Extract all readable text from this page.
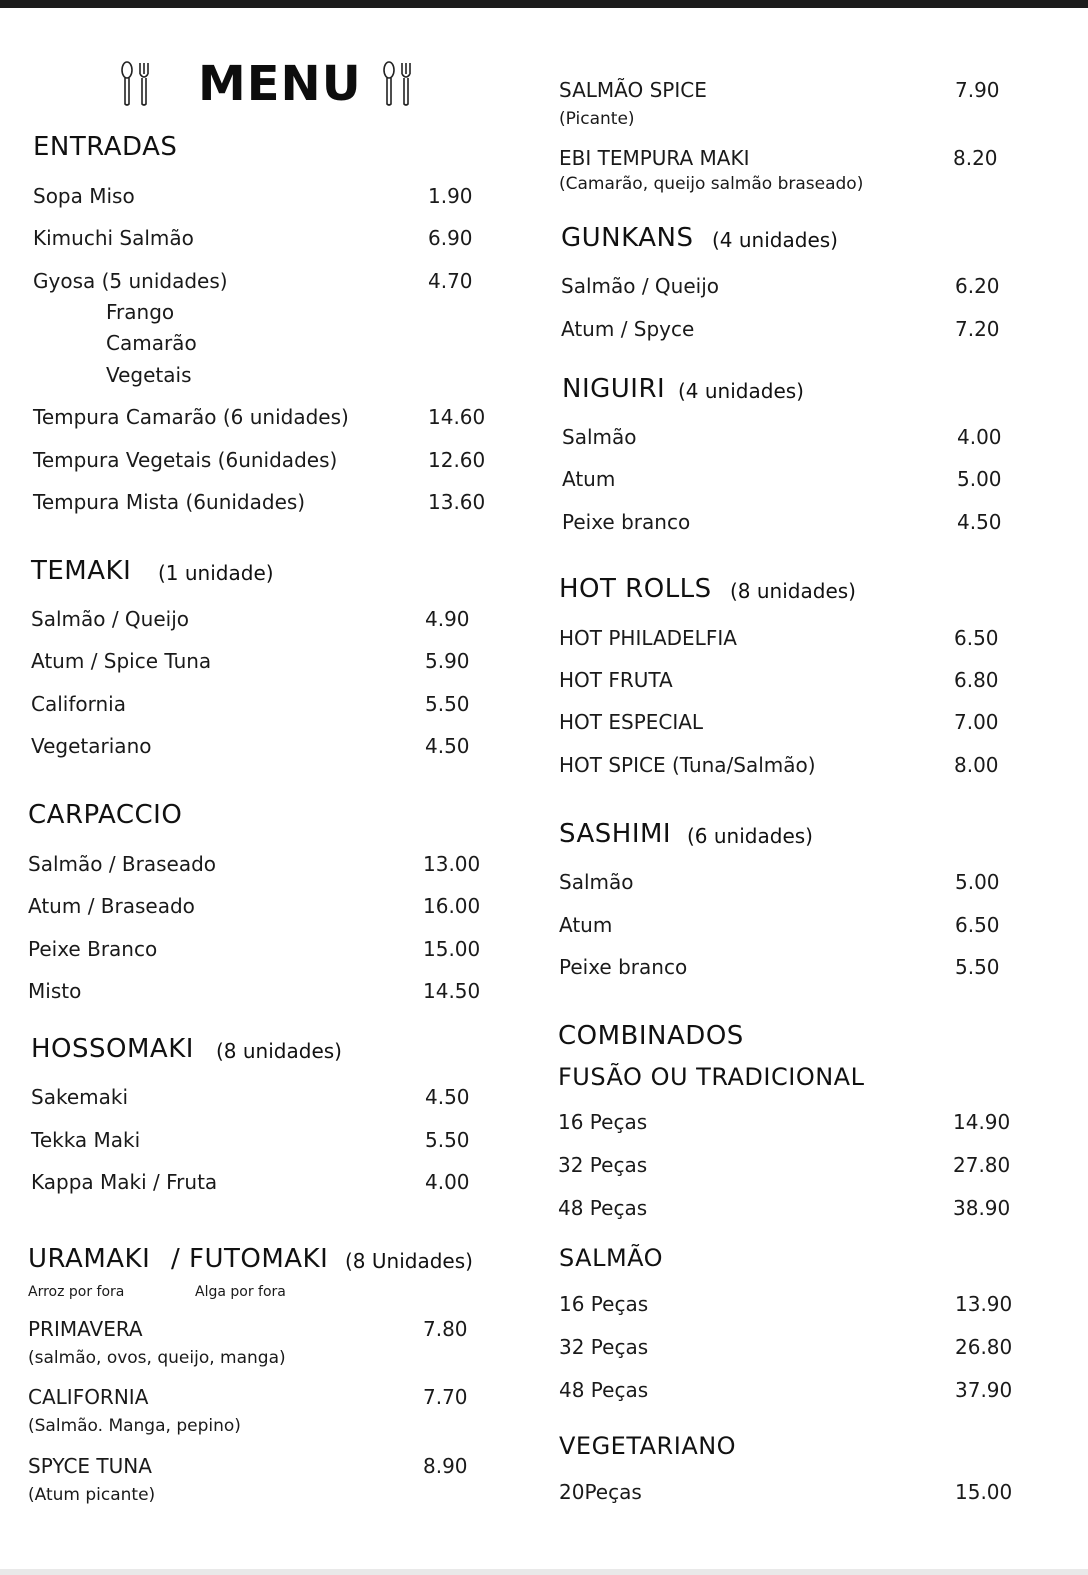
MENU
ENTRADAS
Sopa Miso	1.90
Kimuchi Salmão	6.90
Gyosa (5 unidades)	4.70
Frango
Camarão
Vegetais
Tempura Camarão (6 unidades)	14.60
Tempura Vegetais (6unidades)	12.60
Tempura Mista (6unidades)	13.60
TEMAKI (1 unidade)
Salmão / Queijo	4.90
Atum / Spice Tuna	5.90
California	5.50
Vegetariano	4.50
CARPACCIO
Salmão / Braseado	13.00
Atum / Braseado	16.00
Peixe Branco	15.00
Misto	14.50
HOSSOMAKI (8 unidades)
Sakemaki	4.50
Tekka Maki	5.50
Kappa Maki / Fruta	4.00
URAMAKI / FUTOMAKI (8 Unidades)
Arroz por fora	Alga por fora
PRIMAVERA	7.80
(salmão, ovos, queijo, manga)
CALIFORNIA	7.70
(Salmão. Manga, pepino)
SPYCE TUNA	8.90
(Atum picante)
SALMÃO SPICE	7.90
(Picante)
EBI TEMPURA MAKI	8.20
(Camarão, queijo salmão braseado)
GUNKANS (4 unidades)
Salmão / Queijo	6.20
Atum / Spyce	7.20
NIGUIRI (4 unidades)
Salmão	4.00
Atum	5.00
Peixe branco	4.50
HOT ROLLS (8 unidades)
HOT PHILADELFIA	6.50
HOT FRUTA	6.80
HOT ESPECIAL	7.00
HOT SPICE (Tuna/Salmão)	8.00
SASHIMI (6 unidades)
Salmão	5.00
Atum	6.50
Peixe branco	5.50
COMBINADOS
FUSÃO OU TRADICIONAL
16 Peças	14.90
32 Peças	27.80
48 Peças	38.90
SALMÃO
16 Peças	13.90
32 Peças	26.80
48 Peças	37.90
VEGETARIANO
20Peças	15.00
